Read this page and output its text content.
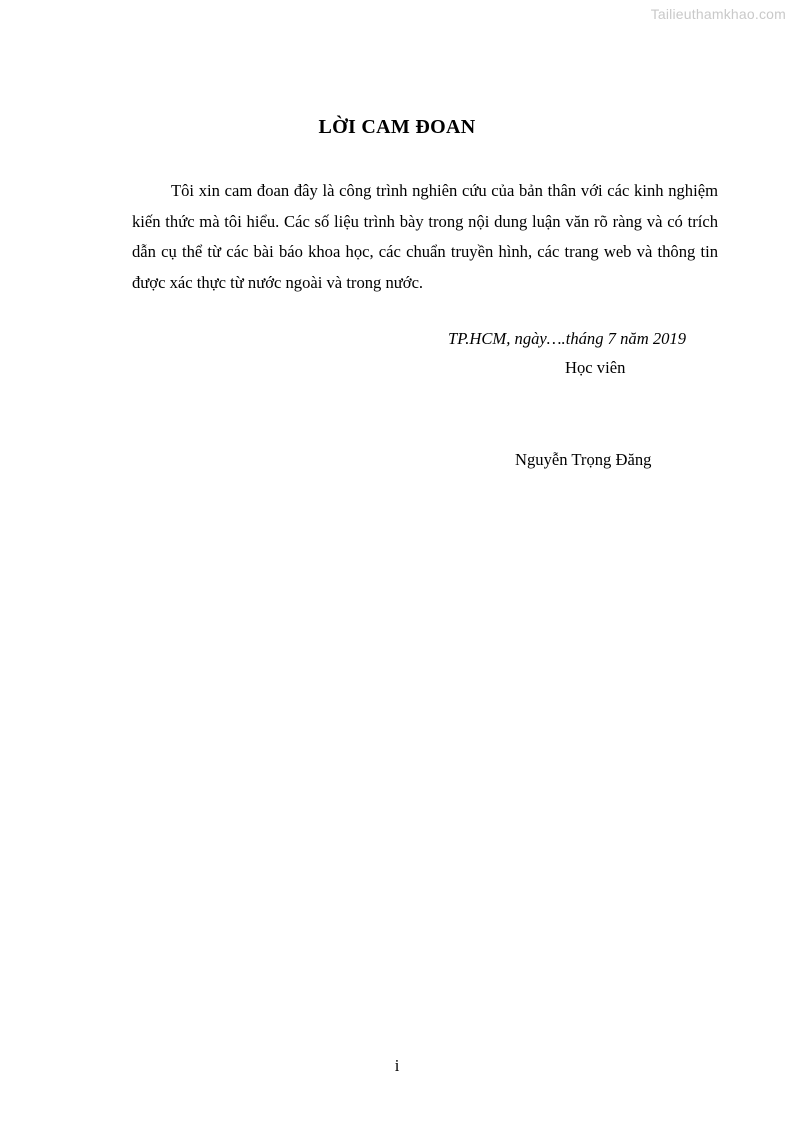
Tailieuthamkhao.com
LỜI CAM ĐOAN

Tôi xin cam đoan đây là công trình nghiên cứu của bản thân với các kinh nghiệm kiến thức mà tôi hiểu. Các số liệu trình bày trong nội dung luận văn rõ ràng và có trích dẫn cụ thể từ các bài báo khoa học, các chuẩn truyền hình, các trang web và thông tin được xác thực từ nước ngoài và trong nước.

TP.HCM, ngày….tháng 7 năm 2019
Học viên
Nguyễn Trọng Đăng
i
